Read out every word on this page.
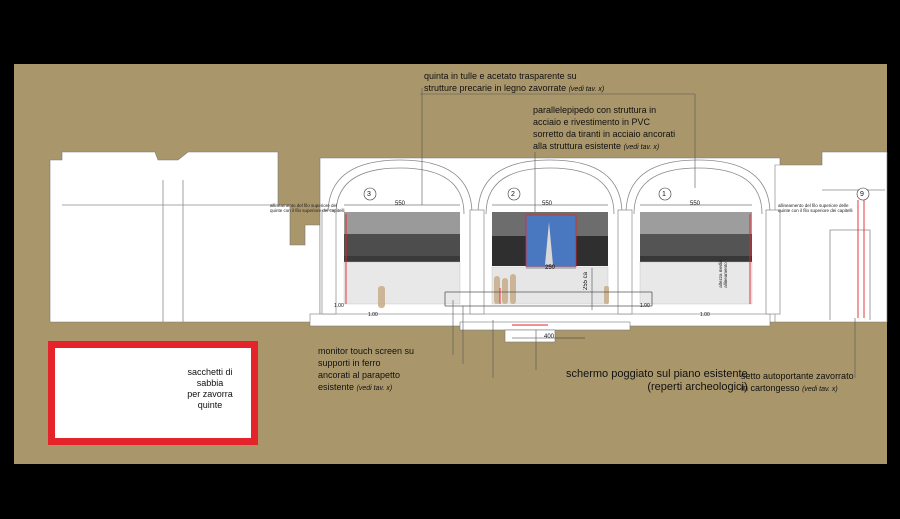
3	2	1	9
550	550	550
250
255 ca
400
1.00
1.00
1.00
1.00
allineamento del filo superiore del
quinte con il filo superiore dei capitelli
allineamento del filo superiore delle
quinte con il filo superiore dei capitelli
altezza media allineamento
quinta in tulle e acetato trasparente su
strutture precarie in legno zavorrate (vedi tav. x)
parallelepipedo con struttura in
acciaio e rivestimento in PVC
sorretto da tiranti in acciaio ancorati
alla struttura esistente (vedi tav. x)
monitor touch screen su
supporti in ferro
ancorati al parapetto
esistente (vedi tav. x)
schermo poggiato sul piano esistente
(reperti archeologici)
setto autoportante zavorrato
in cartongesso (vedi tav. x)
sacchetti di
sabbia
per zavorra
quinte
